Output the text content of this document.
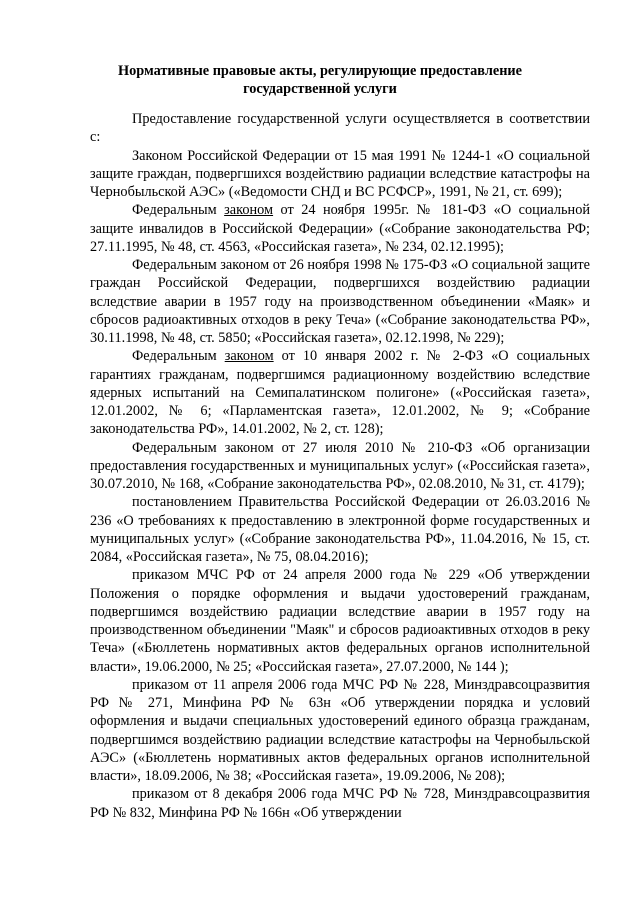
Нормативные правовые акты, регулирующие предоставление
государственной услуги

Предоставление государственной услуги осуществляется в соответствии с:

Законом Российской Федерации от 15 мая 1991 № 1244-1 «О социальной защите граждан, подвергшихся воздействию радиации вследствие катастрофы на Чернобыльской АЭС» («Ведомости СНД и ВС РСФСР», 1991, № 21, ст. 699);

Федеральным законом от 24 ноября 1995г. № 181-ФЗ «О социальной защите инвалидов в Российской Федерации» («Собрание законодательства РФ; 27.11.1995, № 48, ст. 4563, «Российская газета», № 234, 02.12.1995);

Федеральным законом от 26 ноября 1998 № 175-ФЗ «О социальной защите граждан Российской Федерации, подвергшихся воздействию радиации вследствие аварии в 1957 году на производственном объединении «Маяк» и сбросов радиоактивных отходов в реку Теча» («Собрание законодательства РФ», 30.11.1998, № 48, ст. 5850; «Российская газета», 02.12.1998, № 229);

Федеральным законом от 10 января 2002 г. № 2-ФЗ «О социальных гарантиях гражданам, подвергшимся радиационному воздействию вследствие ядерных испытаний на Семипалатинском полигоне» («Российская газета», 12.01.2002, № 6; «Парламентская газета», 12.01.2002, № 9; «Собрание законодательства РФ», 14.01.2002, № 2, ст. 128);

Федеральным законом от 27 июля 2010 № 210-ФЗ «Об организации предоставления государственных и муниципальных услуг» («Российская газета», 30.07.2010, № 168, «Собрание законодательства РФ», 02.08.2010, № 31, ст. 4179);

постановлением Правительства Российской Федерации от 26.03.2016 № 236 «О требованиях к предоставлению в электронной форме государственных и муниципальных услуг» («Собрание законодательства РФ», 11.04.2016, № 15, ст. 2084, «Российская газета», № 75, 08.04.2016);

приказом МЧС РФ от 24 апреля 2000 года № 229 «Об утверждении Положения о порядке оформления и выдачи удостоверений гражданам, подвергшимся воздействию радиации вследствие аварии в 1957 году на производственном объединении "Маяк" и сбросов радиоактивных отходов в реку Теча» («Бюллетень нормативных актов федеральных органов исполнительной власти», 19.06.2000, № 25; «Российская газета», 27.07.2000, № 144 );

приказом от 11 апреля 2006 года МЧС РФ № 228, Минздравсоцразвития РФ № 271, Минфина РФ № 63н «Об утверждении порядка и условий оформления и выдачи специальных удостоверений единого образца гражданам, подвергшимся воздействию радиации вследствие катастрофы на Чернобыльской АЭС» («Бюллетень нормативных актов федеральных органов исполнительной власти», 18.09.2006, № 38; «Российская газета», 19.09.2006, № 208);

приказом от 8 декабря 2006 года МЧС РФ № 728, Минздравсоцразвития РФ № 832, Минфина РФ № 166н «Об утверждении
